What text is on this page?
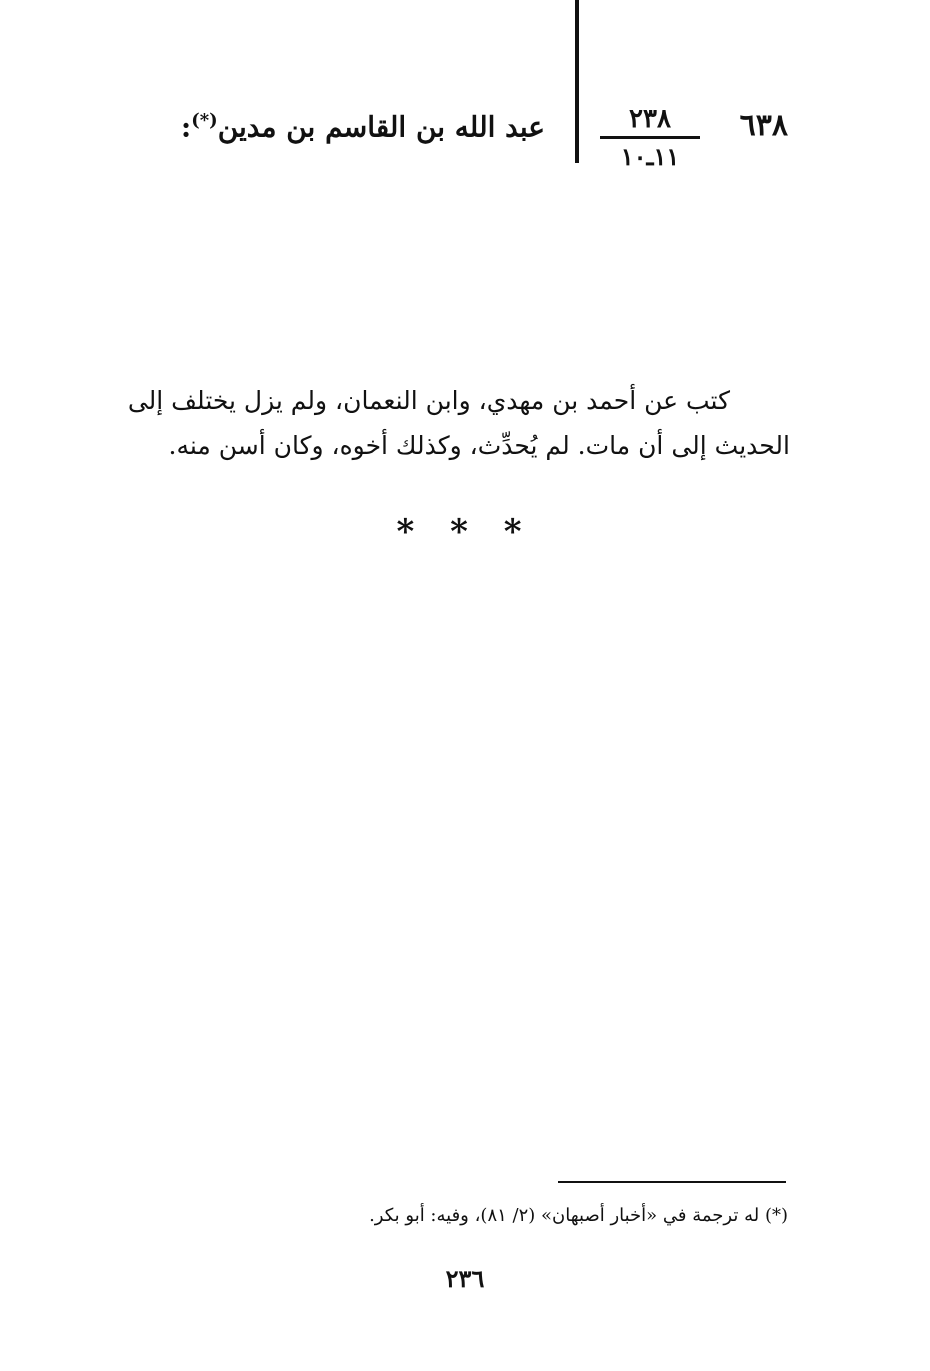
٦٣٨
٢٣٨
١١ـ١٠
عبد الله بن القاسم بن مدين(*):
كتب عن أحمد بن مهدي، وابن النعمان، ولم يزل يختلف إلى
الحديث إلى أن مات. لم يُحدِّث، وكذلك أخوه، وكان أسن منه.
* * *
(*) له ترجمة في «أخبار أصبهان» (٢/ ٨١)، وفيه: أبو بكر.
٢٣٦
